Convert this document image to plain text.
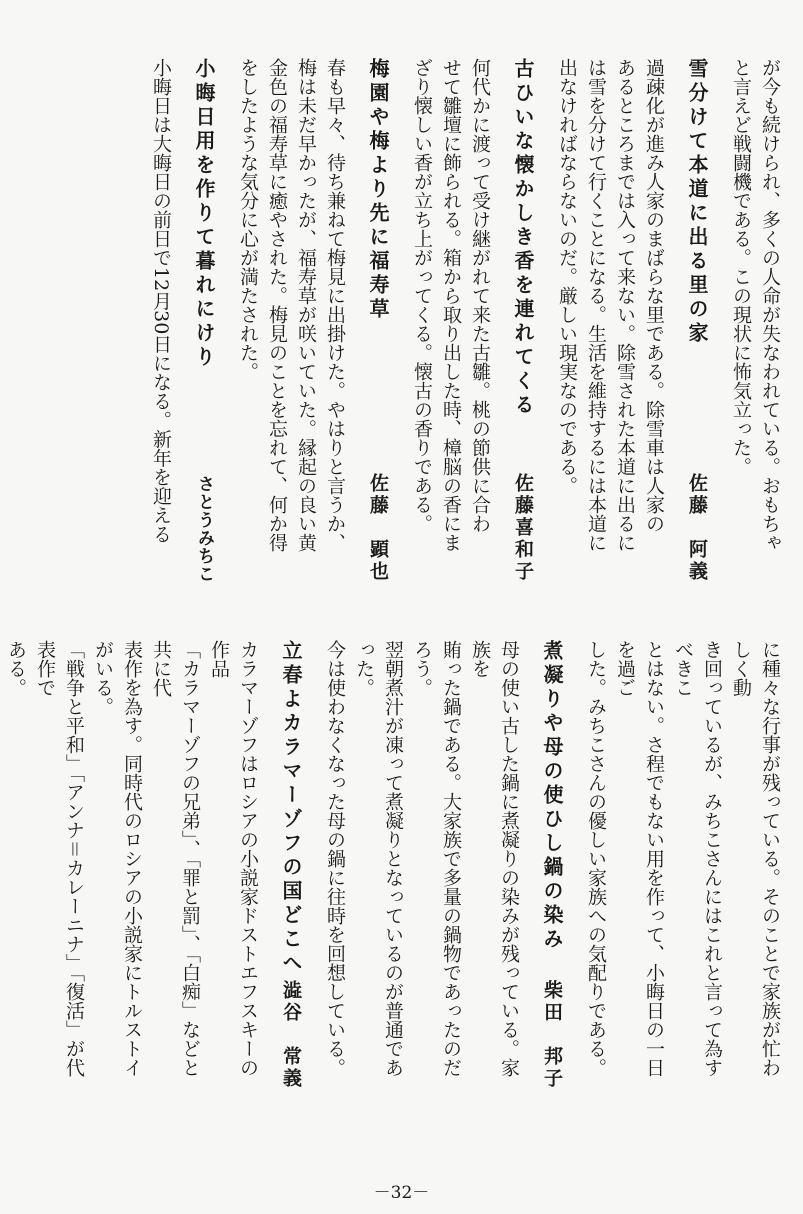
が今も続けられ、多くの人命が失なわれている。おもちゃ

と言えど戦闘機である。この現状に怖気立った。

雪分けて本道に出る里の家
佐藤　阿義

過疎化が進み人家のまばらな里である。除雪車は人家の

あるところまでは入って来ない。除雪された本道に出るに

は雪を分けて行くことになる。生活を維持するには本道に

出なければならないのだ。厳しい現実なのである。

古ひいな懐かしき香を連れてくる
佐藤喜和子

何代かに渡って受け継がれて来た古雛。桃の節供に合わ

せて雛壇に飾られる。箱から取り出した時、樟脳の香にま

ざり懐しい香が立ち上がってくる。懐古の香りである。

梅園や梅より先に福寿草
佐藤　顕也

春も早々、待ち兼ねて梅見に出掛けた。やはりと言うか、

梅は未だ早かったが、福寿草が咲いていた。縁起の良い黄

金色の福寿草に癒やされた。梅見のことを忘れて、何か得

をしたような気分に心が満たされた。

小晦日用を作りて暮れにけり
さとうみちこ

小晦日は大晦日の前日で12月30日になる。新年を迎える

に種々な行事が残っている。そのことで家族が忙わしく動

き回っているが、みちこさんにはこれと言って為すべきこ

とはない。さ程でもない用を作って、小晦日の一日を過ご

した。みちこさんの優しい家族への気配りである。

煮凝りや母の使ひし鍋の染み
柴田　邦子

母の使い古した鍋に煮凝りの染みが残っている。家族を

賄った鍋である。大家族で多量の鍋物であったのだろう。

翌朝煮汁が凍って煮凝りとなっているのが普通であった。

今は使わなくなった母の鍋に往時を回想している。

立春よカラマーゾフの国どこへ
澁谷　常義

カラマーゾフはロシアの小説家ドストエフスキーの作品

「カラマーゾフの兄弟」、「罪と罰」、「白痴」などと共に代

表作を為す。同時代のロシアの小説家にトルストイがいる。

「戦争と平和」「アンナ＝カレーニナ」「復活」が代表作で

ある。

－32－
